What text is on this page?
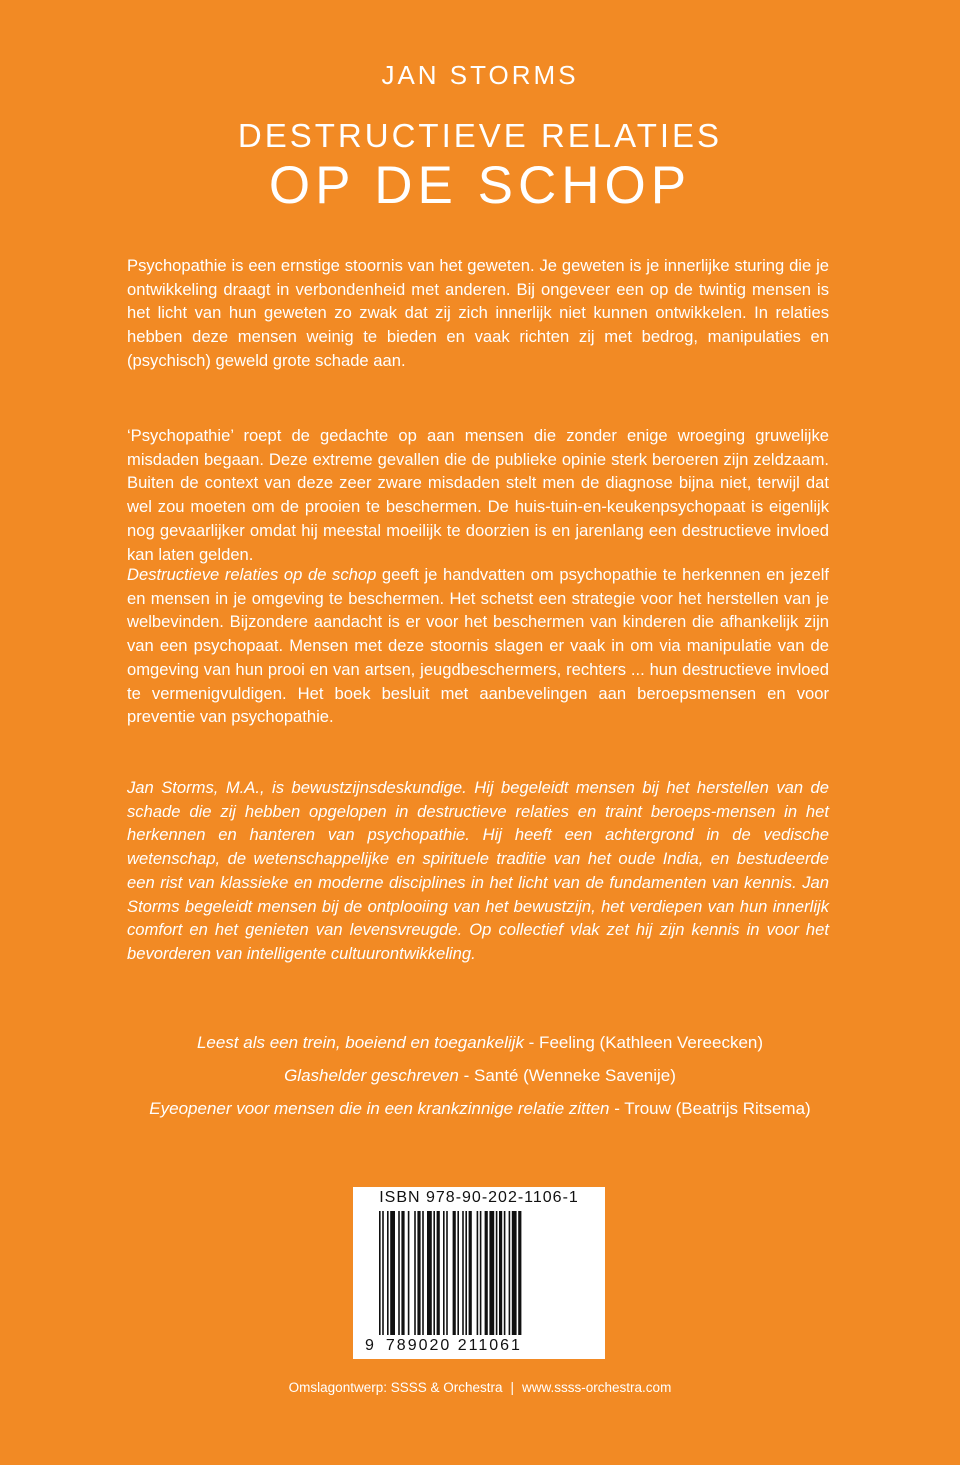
JAN STORMS
DESTRUCTIEVE RELATIES
OP DE SCHOP
Psychopathie is een ernstige stoornis van het geweten. Je geweten is je innerlijke sturing die je ontwikkeling draagt in verbondenheid met anderen. Bij ongeveer een op de twintig mensen is het licht van hun geweten zo zwak dat zij zich innerlijk niet kunnen ontwikkelen. In relaties hebben deze mensen weinig te bieden en vaak richten zij met bedrog, manipulaties en (psychisch) geweld grote schade aan.
‘Psychopathie’ roept de gedachte op aan mensen die zonder enige wroeging gruwelijke misdaden begaan. Deze extreme gevallen die de publieke opinie sterk beroeren zijn zeldzaam. Buiten de context van deze zeer zware misdaden stelt men de diagnose bijna niet, terwijl dat wel zou moeten om de prooien te beschermen. De huis-tuin-en-keukenpsychopaat is eigenlijk nog gevaarlijker omdat hij meestal moeilijk te doorzien is en jarenlang een destructieve invloed kan laten gelden.
Destructieve relaties op de schop geeft je handvatten om psychopathie te herkennen en jezelf en mensen in je omgeving te beschermen. Het schetst een strategie voor het herstellen van je welbevinden. Bijzondere aandacht is er voor het beschermen van kinderen die afhankelijk zijn van een psychopaat. Mensen met deze stoornis slagen er vaak in om via manipulatie van de omgeving van hun prooi en van artsen, jeugdbeschermers, rechters ... hun destructieve invloed te vermenigvuldigen. Het boek besluit met aanbevelingen aan beroepsmensen en voor preventie van psychopathie.
Jan Storms, M.A., is bewustzijnsdeskundige. Hij begeleidt mensen bij het herstellen van de schade die zij hebben opgelopen in destructieve relaties en traint beroeps-mensen in het herkennen en hanteren van psychopathie. Hij heeft een achtergrond in de vedische wetenschap, de wetenschappelijke en spirituele traditie van het oude India, en bestudeerde een rist van klassieke en moderne disciplines in het licht van de fundamenten van kennis. Jan Storms begeleidt mensen bij de ontplooiing van het bewustzijn, het verdiepen van hun innerlijk comfort en het genieten van levensvreugde. Op collectief vlak zet hij zijn kennis in voor het bevorderen van intelligente cultuurontwikkeling.
Leest als een trein, boeiend en toegankelijk - Feeling (Kathleen Vereecken)
Glashelder geschreven - Santé (Wenneke Savenije)
Eyeopener voor mensen die in een krankzinnige relatie zitten - Trouw (Beatrijs Ritsema)
ISBN 978-90-202-1106-1
9 789020 211061
Omslagontwerp: SSSS & Orchestra | www.ssss-orchestra.com
